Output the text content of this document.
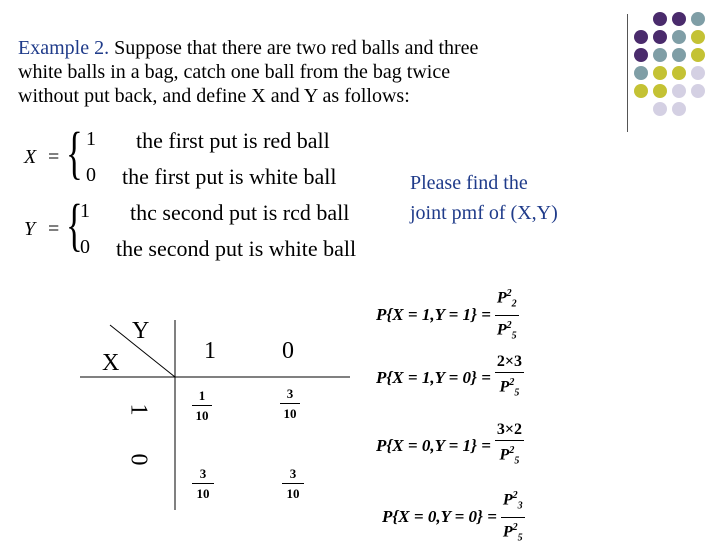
Example 2. Suppose that there are two red balls and three
white balls in a bag, catch one ball from the bag twice
without put back, and define X and Y as follows:
X = { 1
0
the first put is red ball
the first put is white ball
Y = {
1
0
thc second put is rcd ball
the second put is white ball
Please find the
joint pmf of (X,Y)
Y
X	1	0
1
0
1
10
3
10
3
10
3
10
$P\{X = 1,Y = 1\} = \frac{P^2_2}{P^2_5}$
$P\{X = 1,Y = 0\} = \frac{2\times 3}{P^2_5}$
$P\{X = 0,Y = 1\} = \frac{3\times 2}{P^2_5}$
$P\{X = 0,Y = 0\} = \frac{P^2_3}{P^2_5}$
